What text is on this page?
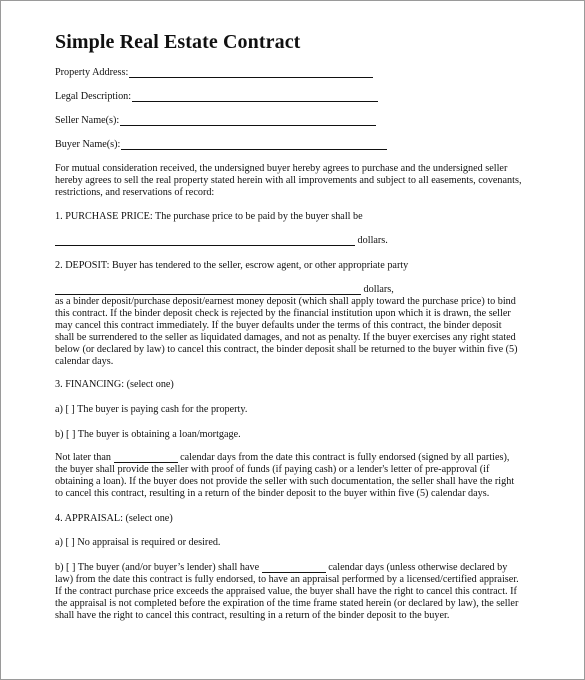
Simple Real Estate Contract
Property Address:
Legal Description:
Seller Name(s):
Buyer Name(s):
For mutual consideration received, the undersigned buyer hereby agrees to purchase and the undersigned seller hereby agrees to sell the real property stated herein with all improvements and subject to all easements, covenants, restrictions, and reservations of record:
1. PURCHASE PRICE: The purchase price to be paid by the buyer shall be
dollars.
2. DEPOSIT: Buyer has tendered to the seller, escrow agent, or other appropriate party
dollars,
as a binder deposit/purchase deposit/earnest money deposit (which shall apply toward the purchase price) to bind
this contract. If the binder deposit check is rejected by the financial institution upon which it is drawn, the seller
may cancel this contract immediately. If the buyer defaults under the terms of this contract, the binder deposit
shall be surrendered to the seller as liquidated damages, and not as penalty. If the buyer exercises any right stated
below (or declared by law) to cancel this contract, the binder deposit shall be returned to the buyer within five (5)
calendar days.
3. FINANCING: (select one)
a) [ ] The buyer is paying cash for the property.
b) [ ] The buyer is obtaining a loan/mortgage.
Not later than	calendar days from the date this contract is fully endorsed (signed by all parties),
the buyer shall provide the seller with proof of funds (if paying cash) or a lender's letter of pre-approval (if
obtaining a loan). If the buyer does not provide the seller with such documentation, the seller shall have the right
to cancel this contract, resulting in a return of the binder deposit to the buyer within five (5) calendar days.
4. APPRAISAL: (select one)
a) [ ] No appraisal is required or desired.
b) [ ] The buyer (and/or buyer’s lender) shall have	calendar days (unless otherwise declared by
law) from the date this contract is fully endorsed, to have an appraisal performed by a licensed/certified appraiser.
If the contract purchase price exceeds the appraised value, the buyer shall have the right to cancel this contract. If
the appraisal is not completed before the expiration of the time frame stated herein (or declared by law), the seller
shall have the right to cancel this contract, resulting in a return of the binder deposit to the buyer.
